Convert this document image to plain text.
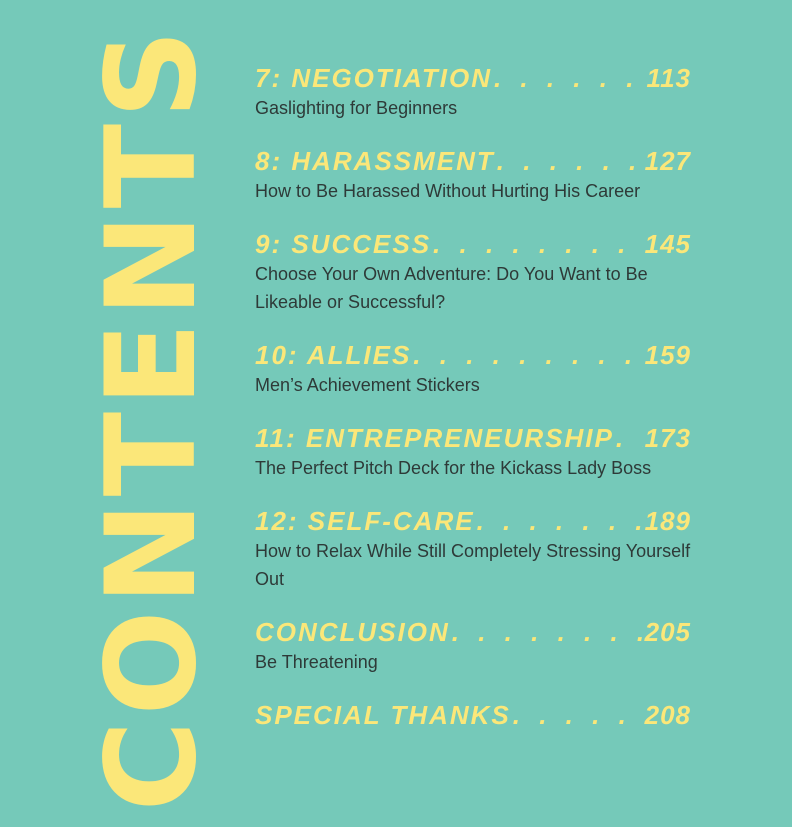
CONTENTS 7: NEGOTIATION . . .	113
Gaslighting for Beginners
8: HARASSMENT . . .	127
How to Be Harassed Without Hurting His Career
9: SUCCESS . . .	145
Choose Your Own Adventure: Do You Want to Be Likeable or Successful?
10: ALLIES . . .	159
Men’s Achievement Stickers
11: ENTREPRENEURSHIP . . . 173
The Perfect Pitch Deck for the Kickass Lady Boss
12: SELF-CARE . . .	189
How to Relax While Still Completely Stressing Yourself Out
CONCLUSION . . .	205
Be Threatening
SPECIAL THANKS . . .	208
